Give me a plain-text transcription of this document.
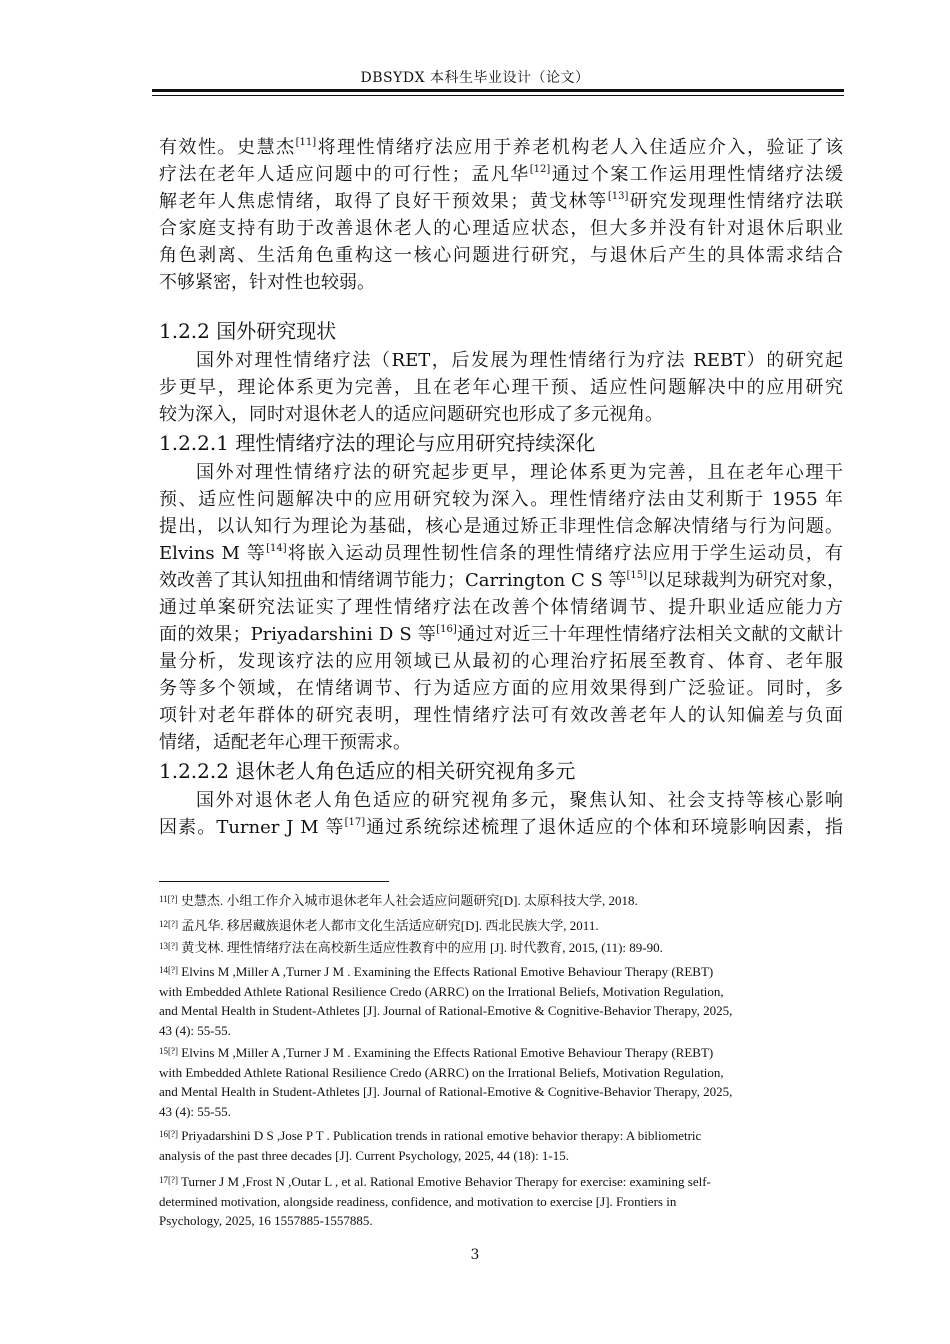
DBSYDX 本科生毕业设计（论文）
有效性。史慧杰[11]将理性情绪疗法应用于养老机构老人入住适应介入，验证了该
疗法在老年人适应问题中的可行性；孟凡华[12]通过个案工作运用理性情绪疗法缓
解老年人焦虑情绪，取得了良好干预效果；黄戈林等[13]研究发现理性情绪疗法联
合家庭支持有助于改善退休老人的心理适应状态，但大多并没有针对退休后职业
角色剥离、生活角色重构这一核心问题进行研究，与退休后产生的具体需求结合
不够紧密，针对性也较弱。
1.2.2 国外研究现状
国外对理性情绪疗法（RET，后发展为理性情绪行为疗法 REBT）的研究起
步更早，理论体系更为完善，且在老年心理干预、适应性问题解决中的应用研究
较为深入，同时对退休老人的适应问题研究也形成了多元视角。
1.2.2.1 理性情绪疗法的理论与应用研究持续深化
国外对理性情绪疗法的研究起步更早，理论体系更为完善，且在老年心理干
预、适应性问题解决中的应用研究较为深入。理性情绪疗法由艾利斯于 1955 年
提出，以认知行为理论为基础，核心是通过矫正非理性信念解决情绪与行为问题。
Elvins M 等[14]将嵌入运动员理性韧性信条的理性情绪疗法应用于学生运动员，有
效改善了其认知扭曲和情绪调节能力；Carrington C S 等[15]以足球裁判为研究对象，
通过单案研究法证实了理性情绪疗法在改善个体情绪调节、提升职业适应能力方
面的效果；Priyadarshini D S 等[16]通过对近三十年理性情绪疗法相关文献的文献计
量分析，发现该疗法的应用领域已从最初的心理治疗拓展至教育、体育、老年服
务等多个领域，在情绪调节、行为适应方面的应用效果得到广泛验证。同时，多
项针对老年群体的研究表明，理性情绪疗法可有效改善老年人的认知偏差与负面
情绪，适配老年心理干预需求。
1.2.2.2 退休老人角色适应的相关研究视角多元
国外对退休老人角色适应的研究视角多元，聚焦认知、社会支持等核心影响
因素。Turner J M 等[17]通过系统综述梳理了退休适应的个体和环境影响因素，指
$^{11[?]}$ 史慧杰. 小组工作介入城市退休老年人社会适应问题研究[D]. 太原科技大学, 2018.
$^{12[?]}$ 孟凡华. 移居藏族退休老人都市文化生活适应研究[D]. 西北民族大学, 2011.
$^{13[?]}$ 黄戈林. 理性情绪疗法在高校新生适应性教育中的应用 [J]. 时代教育, 2015, (11): 89-90.
$^{14[?]}$ Elvins M ,Miller A ,Turner J M . Examining the Effects Rational Emotive Behaviour Therapy (REBT)
with Embedded Athlete Rational Resilience Credo (ARRC) on the Irrational Beliefs, Motivation Regulation,
and Mental Health in Student-Athletes [J]. Journal of Rational-Emotive & Cognitive-Behavior Therapy, 2025,
43 (4): 55-55.
$^{15[?]}$ Elvins M ,Miller A ,Turner J M . Examining the Effects Rational Emotive Behaviour Therapy (REBT)
with Embedded Athlete Rational Resilience Credo (ARRC) on the Irrational Beliefs, Motivation Regulation,
and Mental Health in Student-Athletes [J]. Journal of Rational-Emotive & Cognitive-Behavior Therapy, 2025,
43 (4): 55-55.
$^{16[?]}$ Priyadarshini D S ,Jose P T . Publication trends in rational emotive behavior therapy: A bibliometric
analysis of the past three decades [J]. Current Psychology, 2025, 44 (18): 1-15.
$^{17[?]}$ Turner J M ,Frost N ,Outar L , et al. Rational Emotive Behavior Therapy for exercise: examining self-
determined motivation, alongside readiness, confidence, and motivation to exercise [J]. Frontiers in
Psychology, 2025, 16 1557885-1557885.
3
